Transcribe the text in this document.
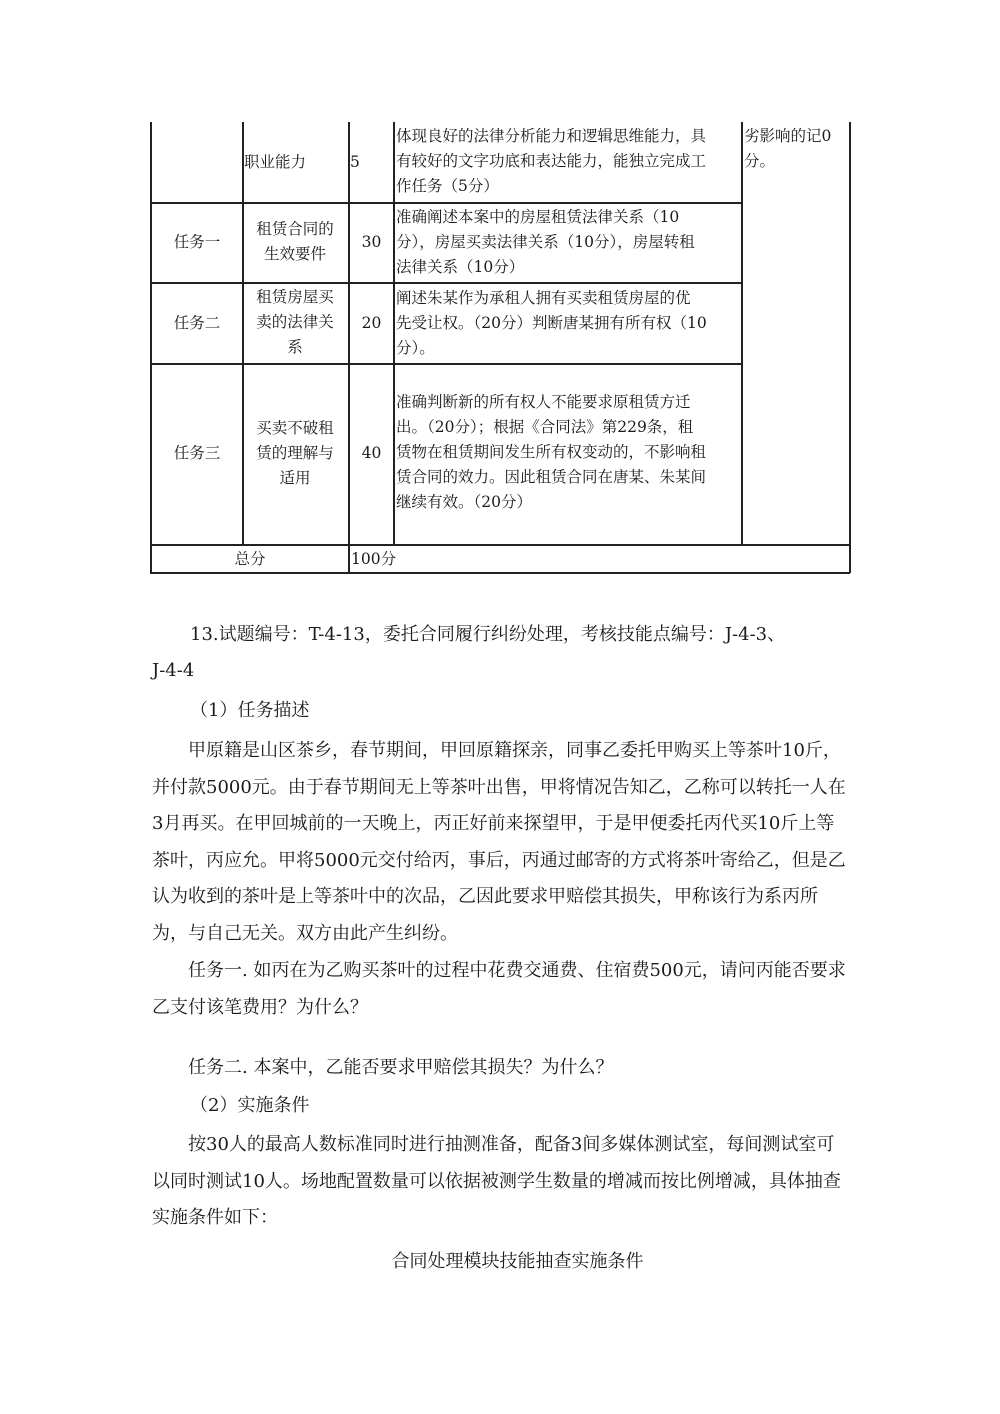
职业能力	5
体现良好的法律分析能力和逻辑思维能力，具
有较好的文字功底和表达能力，能独立完成工
作任务（5分）
劣影响的记0
分。
任务一
租赁合同的
生效要件
30
准确阐述本案中的房屋租赁法律关系（10
分），房屋买卖法律关系（10分），房屋转租
法律关系（10分）
任务二
租赁房屋买
卖的法律关
系
20
阐述朱某作为承租人拥有买卖租赁房屋的优
先受让权。（20分）判断唐某拥有所有权（10
分）。
任务三
买卖不破租
赁的理解与
适用
40
准确判断新的所有权人不能要求原租赁方迁
出。（20分）；根据《合同法》第229条，租
赁物在租赁期间发生所有权变动的，不影响租
赁合同的效力。因此租赁合同在唐某、朱某间
继续有效。（20分）
总分	100分
13.试题编号：T-4-13，委托合同履行纠纷处理，考核技能点编号：J-4-3、
J-4-4
（1）任务描述
甲原籍是山区茶乡，春节期间，甲回原籍探亲，同事乙委托甲购买上等茶叶10斤，并付款5000元。由于春节期间无上等茶叶出售，甲将情况告知乙，乙称可以转托一人在3月再买。在甲回城前的一天晚上，丙正好前来探望甲，于是甲便委托丙代买10斤上等茶叶，丙应允。甲将5000元交付给丙，事后，丙通过邮寄的方式将茶叶寄给乙，但是乙认为收到的茶叶是上等茶叶中的次品，乙因此要求甲赔偿其损失，甲称该行为系丙所为，与自己无关。双方由此产生纠纷。
任务一. 如丙在为乙购买茶叶的过程中花费交通费、住宿费500元，请问丙能否要求乙支付该笔费用？为什么？
任务二. 本案中，乙能否要求甲赔偿其损失？为什么？
（2）实施条件
按30人的最高人数标准同时进行抽测准备，配备3间多媒体测试室，每间测试室可以同时测试10人。场地配置数量可以依据被测学生数量的增减而按比例增减，具体抽查实施条件如下：
合同处理模块技能抽查实施条件
